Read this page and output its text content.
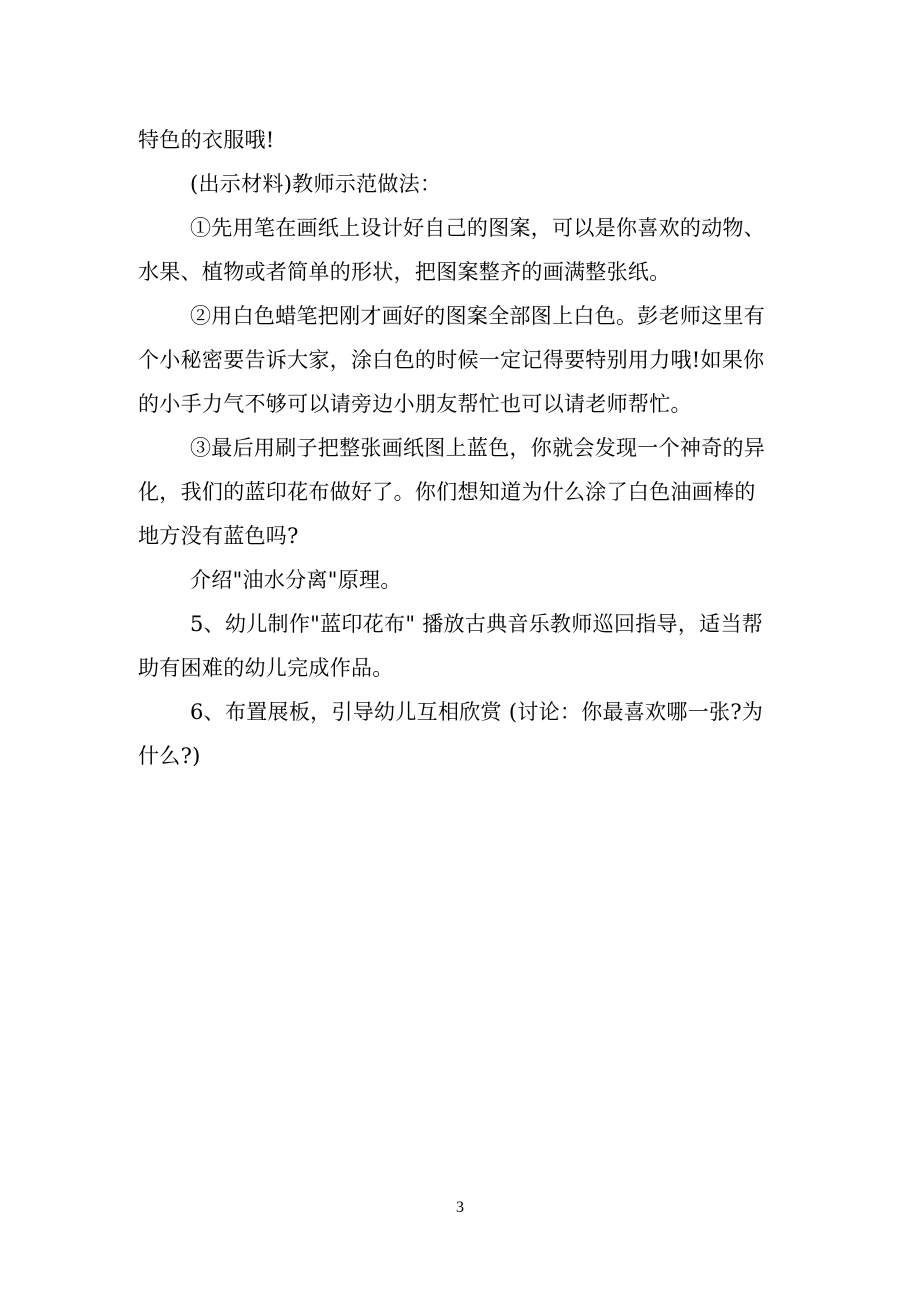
特色的衣服哦!
(出示材料)教师示范做法：
①先用笔在画纸上设计好自己的图案，可以是你喜欢的动物、
水果、植物或者简单的形状，把图案整齐的画满整张纸。
②用白色蜡笔把刚才画好的图案全部图上白色。彭老师这里有
个小秘密要告诉大家，涂白色的时候一定记得要特别用力哦!如果你
的小手力气不够可以请旁边小朋友帮忙也可以请老师帮忙。
③最后用刷子把整张画纸图上蓝色，你就会发现一个神奇的异
化，我们的蓝印花布做好了。你们想知道为什么涂了白色油画棒的
地方没有蓝色吗?
介绍"油水分离"原理。
5、幼儿制作"蓝印花布" 播放古典音乐教师巡回指导，适当帮
助有困难的幼儿完成作品。
6、布置展板，引导幼儿互相欣赏 (讨论：你最喜欢哪一张?为
什么?)
3
